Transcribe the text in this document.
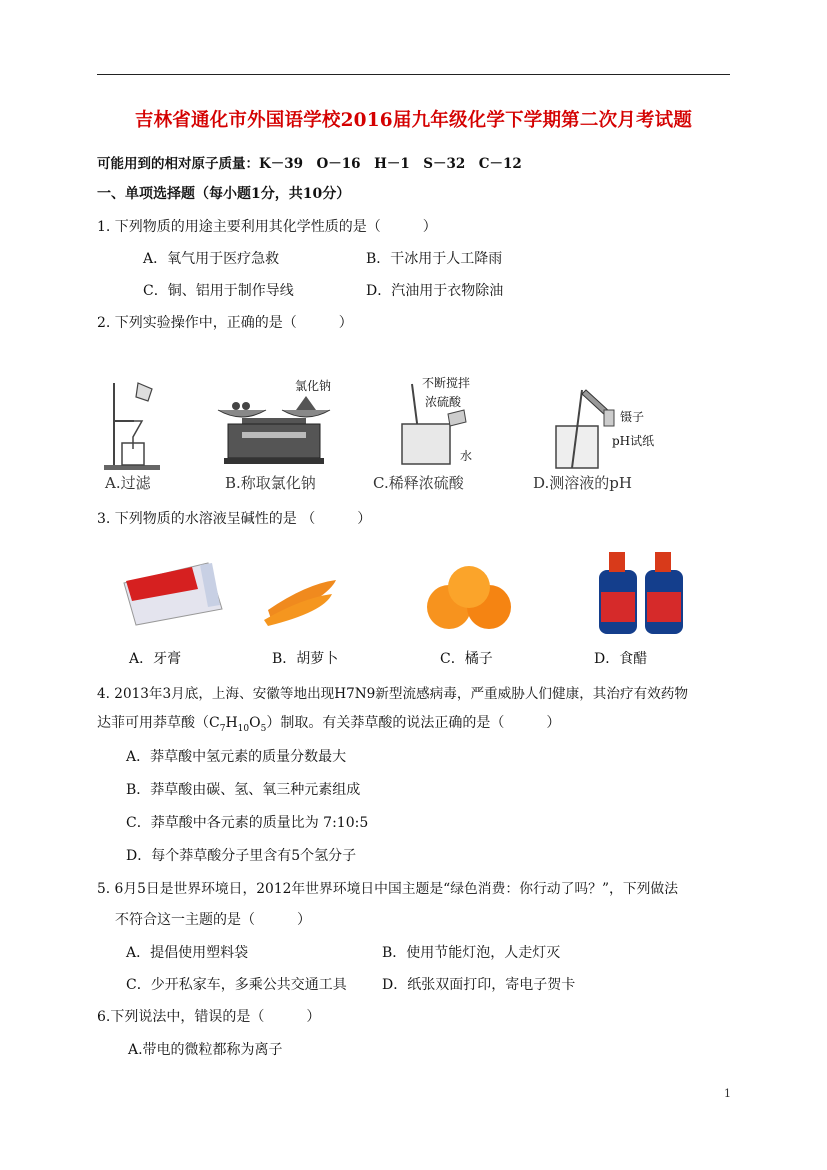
吉林省通化市外国语学校2016届九年级化学下学期第二次月考试题
可能用到的相对原子质量：K－39　O－16　H－1　S－32　C－12
一、单项选择题（每小题1分，共10分）
1. 下列物质的用途主要利用其化学性质的是（　　　）
A．氧气用于医疗急救	B．干冰用于人工降雨
C．铜、铝用于制作导线	D．汽油用于衣物除油
2. 下列实验操作中，正确的是（　　　）
A.过滤
氯化钠
B.称取氯化钠
不断搅拌
浓硫酸
水
C.稀释浓硫酸
镊子
pH试纸
D.测溶液的pH
3. 下列物质的水溶液呈碱性的是 （　　　）
A．牙膏	B．胡萝卜	C．橘子	D．食醋
4. 2013年3月底，上海、安徽等地出现H7N9新型流感病毒，严重威胁人们健康，其治疗有效药物
达菲可用莽草酸$(C_7H_{10}O_5)$制取。有关莽草酸的说法正确的是（　　　）
A．莽草酸中氢元素的质量分数最大
B．莽草酸由碳、氢、氧三种元素组成
C．莽草酸中各元素的质量比为 7:10:5
D．每个莽草酸分子里含有5个氢分子
5. 6月5日是世界环境日，2012年世界环境日中国主题是“绿色消费：你行动了吗？”，下列做法
不符合这一主题的是（　　　）
A．提倡使用塑料袋	B．使用节能灯泡，人走灯灭
C．少开私家车，多乘公共交通工具	D．纸张双面打印，寄电子贺卡
6.下列说法中，错误的是（　　　）
A.带电的微粒都称为离子
1
